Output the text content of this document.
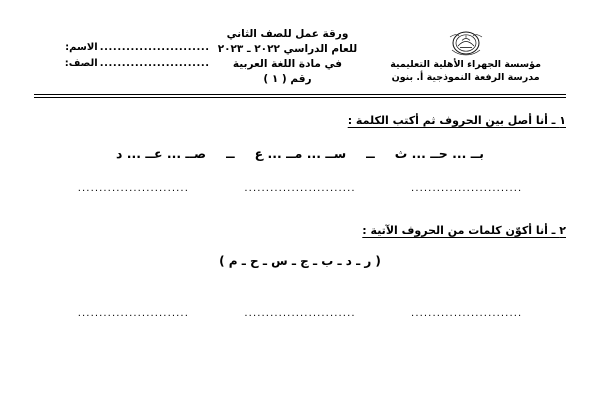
مؤسسة الجهراء الأهلية التعليمية
مدرسة الرفعة النموذجية أ. بنون
ورقة عمل للصف الثاني
للعام الدراسي ٢٠٢٢ ـ ٢٠٢٣
في مادة اللغة العربية
رقم ( ١ )
.........................
الاسم:
.........................
الصف:
١ ـ أنا أصل بين الحروف ثم أكتب الكلمة :
بــ ... حــ ... ث
ــ
ســ ... مــ ... ع
ــ
صــ ... عــ ... د
..........................
..........................
..........................
٢ ـ أنا أكوّن كلمات من الحروف الآتية :
( ر ـ د ـ ب ـ ج ـ س ـ ح ـ م )
..........................
..........................
..........................
